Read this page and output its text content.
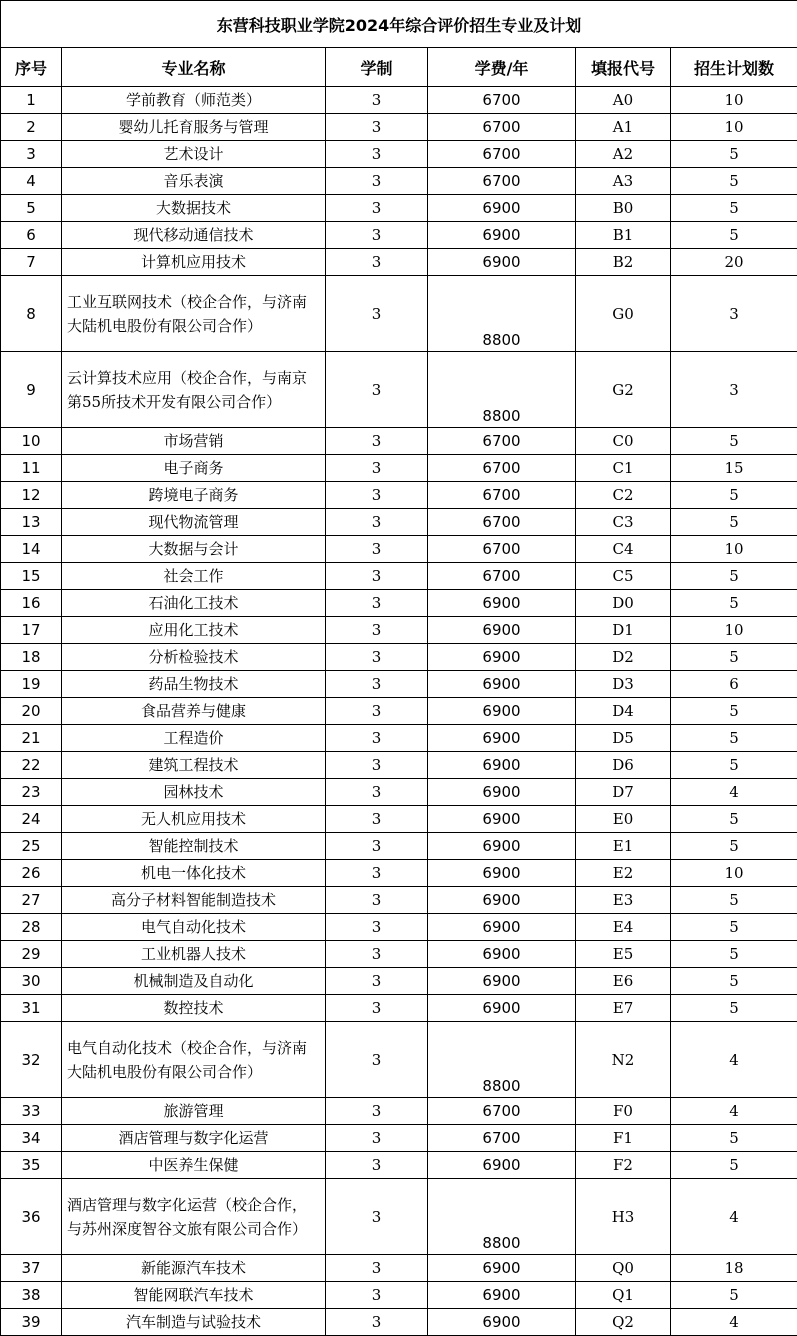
东营科技职业学院2024年综合评价招生专业及计划					
序号	专业名称	学制	学费/年	填报代号	招生计划数
1	学前教育（师范类）	3	6700	A0	10
2	婴幼儿托育服务与管理	3	6700	A1	10
3	艺术设计	3	6700	A2	5
4	音乐表演	3	6700	A3	5
5	大数据技术	3	6900	B0	5
6	现代移动通信技术	3	6900	B1	5
7	计算机应用技术	3	6900	B2	20
8	工业互联网技术（校企合作，与济南大陆机电股份有限公司合作）	3	8800	G0	3
9	云计算技术应用（校企合作，与南京第55所技术开发有限公司合作）	3	8800	G2	3
10	市场营销	3	6700	C0	5
11	电子商务	3	6700	C1	15
12	跨境电子商务	3	6700	C2	5
13	现代物流管理	3	6700	C3	5
14	大数据与会计	3	6700	C4	10
15	社会工作	3	6700	C5	5
16	石油化工技术	3	6900	D0	5
17	应用化工技术	3	6900	D1	10
18	分析检验技术	3	6900	D2	5
19	药品生物技术	3	6900	D3	6
20	食品营养与健康	3	6900	D4	5
21	工程造价	3	6900	D5	5
22	建筑工程技术	3	6900	D6	5
23	园林技术	3	6900	D7	4
24	无人机应用技术	3	6900	E0	5
25	智能控制技术	3	6900	E1	5
26	机电一体化技术	3	6900	E2	10
27	高分子材料智能制造技术	3	6900	E3	5
28	电气自动化技术	3	6900	E4	5
29	工业机器人技术	3	6900	E5	5
30	机械制造及自动化	3	6900	E6	5
31	数控技术	3	6900	E7	5
32	电气自动化技术（校企合作，与济南大陆机电股份有限公司合作）	3	8800	N2	4
33	旅游管理	3	6700	F0	4
34	酒店管理与数字化运营	3	6700	F1	5
35	中医养生保健	3	6900	F2	5
36	酒店管理与数字化运营（校企合作，与苏州深度智谷文旅有限公司合作）	3	8800	H3	4
37	新能源汽车技术	3	6900	Q0	18
38	智能网联汽车技术	3	6900	Q1	5
39	汽车制造与试验技术	3	6900	Q2	4
